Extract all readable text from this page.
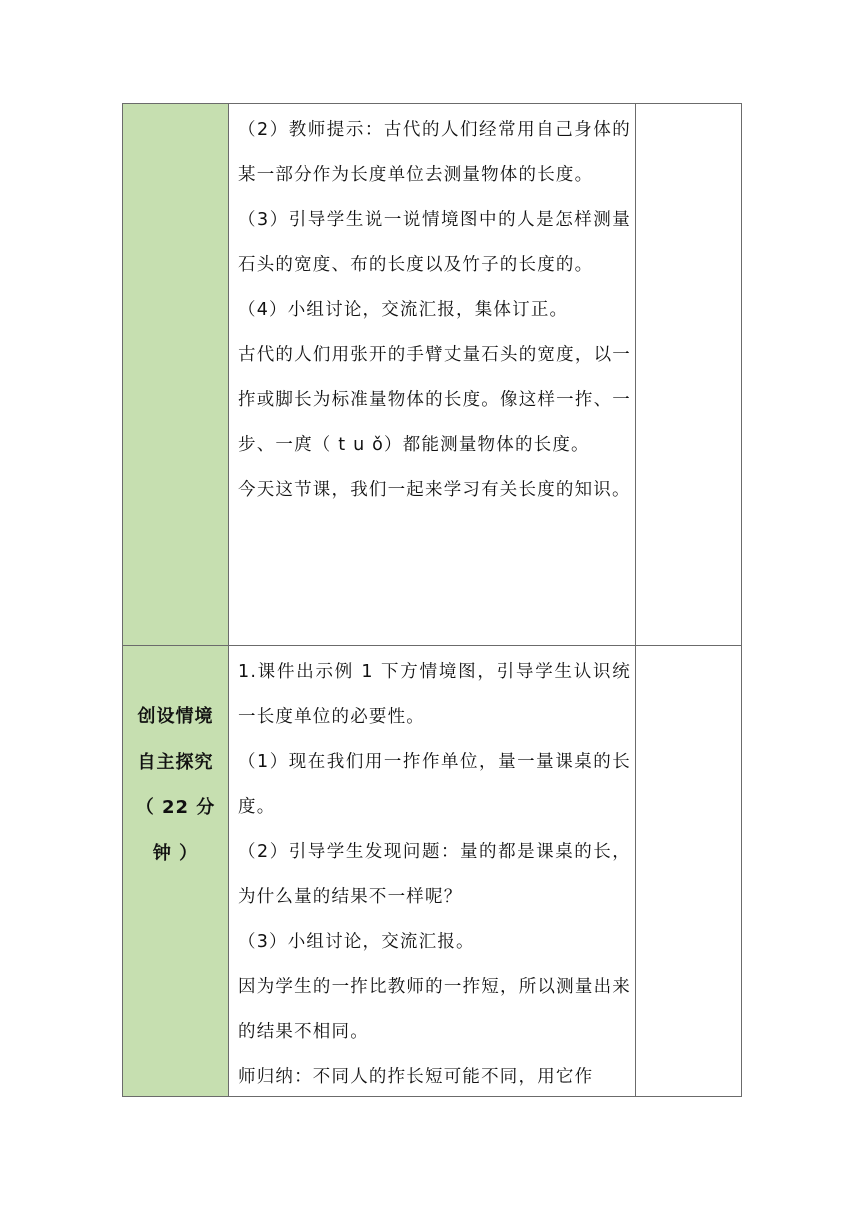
（2）教师提示：古代的人们经常用自己身体的某一部分作为长度单位去测量物体的长度。

（3）引导学生说一说情境图中的人是怎样测量石头的宽度、布的长度以及竹子的长度的。

（4）小组讨论，交流汇报，集体订正。

古代的人们用张开的手臂丈量石头的宽度，以一拃或脚长为标准量物体的长度。像这样一拃、一步、一庹（ t u ǒ）都能测量物体的长度。

今天这节课，我们一起来学习有关长度的知识。

创设情境
自主探究
（ 22 分
钟 ）

1.课件出示例 1 下方情境图，引导学生认识统一长度单位的必要性。

（1）现在我们用一拃作单位，量一量课桌的长度。

（2）引导学生发现问题：量的都是课桌的长，为什么量的结果不一样呢？

（3）小组讨论，交流汇报。

因为学生的一拃比教师的一拃短，所以测量出来的结果不相同。

师归纳：不同人的拃长短可能不同，用它作
